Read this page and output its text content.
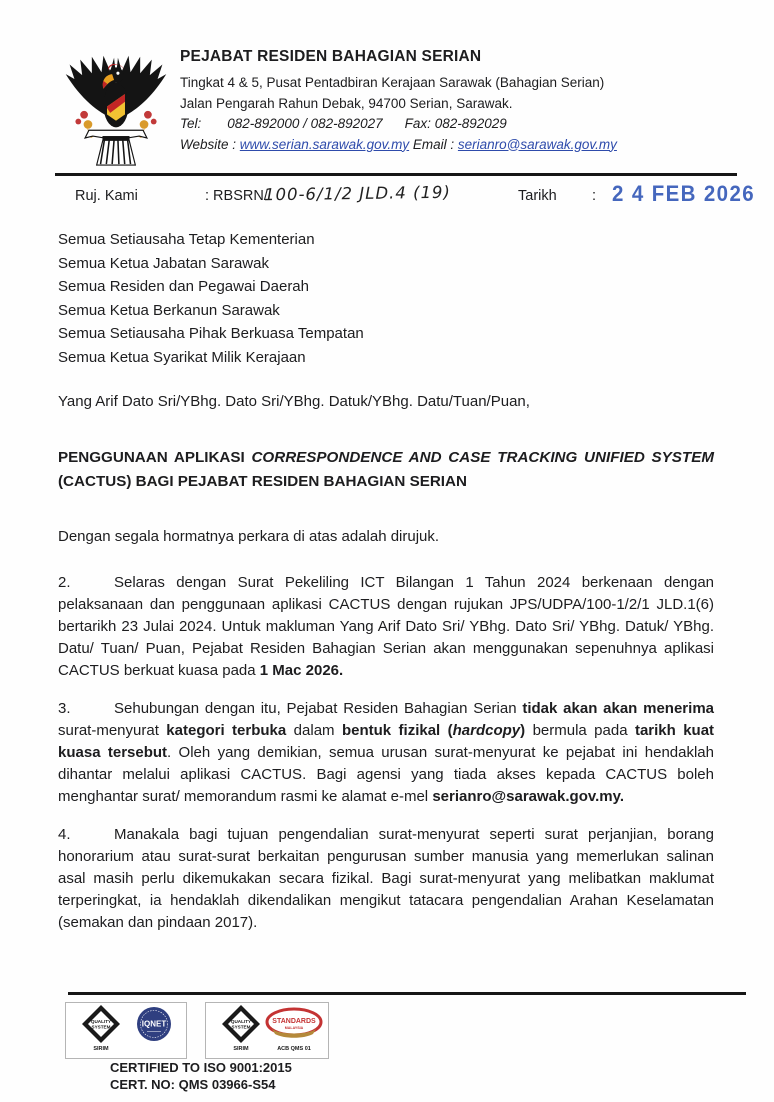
PEJABAT RESIDEN BAHAGIAN SERIAN
Tingkat 4 & 5, Pusat Pentadbiran Kerajaan Sarawak (Bahagian Serian)
Jalan Pengarah Rahun Debak, 94700 Serian, Sarawak.
Tel: 082-892000 / 082-892027 Fax: 082-892029
Website : www.serian.sarawak.gov.my Email : serianro@sarawak.gov.my
Ruj. Kami	: RBSRN/
100-6/1/2 JLD.4 (19)	Tarikh : 2 4 FEB 2026
Semua Setiausaha Tetap Kementerian
Semua Ketua Jabatan Sarawak
Semua Residen dan Pegawai Daerah
Semua Ketua Berkanun Sarawak
Semua Setiausaha Pihak Berkuasa Tempatan
Semua Ketua Syarikat Milik Kerajaan

Yang Arif Dato Sri/YBhg. Dato Sri/YBhg. Datuk/YBhg. Datu/Tuan/Puan,

PENGGUNAAN APLIKASI CORRESPONDENCE AND CASE TRACKING UNIFIED SYSTEM (CACTUS) BAGI PEJABAT RESIDEN BAHAGIAN SERIAN

Dengan segala hormatnya perkara di atas adalah dirujuk.

2.	Selaras dengan Surat Pekeliling ICT Bilangan 1 Tahun 2024 berkenaan dengan pelaksanaan dan penggunaan aplikasi CACTUS dengan rujukan JPS/UDPA/100-1/2/1 JLD.1(6) bertarikh 23 Julai 2024. Untuk makluman Yang Arif Dato Sri/ YBhg. Dato Sri/ YBhg. Datuk/ YBhg. Datu/ Tuan/ Puan, Pejabat Residen Bahagian Serian akan menggunakan sepenuhnya aplikasi CACTUS berkuat kuasa pada 1 Mac 2026.

3.	Sehubungan dengan itu, Pejabat Residen Bahagian Serian tidak akan akan menerima surat-menyurat kategori terbuka dalam bentuk fizikal (hardcopy) bermula pada tarikh kuat kuasa tersebut. Oleh yang demikian, semua urusan surat-menyurat ke pejabat ini hendaklah dihantar melalui aplikasi CACTUS. Bagi agensi yang tiada akses kepada CACTUS boleh menghantar surat/ memorandum rasmi ke alamat e-mel serianro@sarawak.gov.my.

4.	Manakala bagi tujuan pengendalian surat-menyurat seperti surat perjanjian, borang honorarium atau surat-surat berkaitan pengurusan sumber manusia yang memerlukan salinan asal masih perlu dikemukakan secara fizikal. Bagi surat-menyurat yang melibatkan maklumat terperingkat, ia hendaklah dikendalikan mengikut tatacara pengendalian Arahan Keselamatan (semakan dan pindaan 2017).

QUALITY
SYSTEM
SIRIM
IQNET
	QUALITY
SYSTEM
SIRIM
STANDARDS
MALAYSIA
ACB QMS 01
CERTIFIED TO ISO 9001:2015
CERT. NO: QMS 03966-S54
